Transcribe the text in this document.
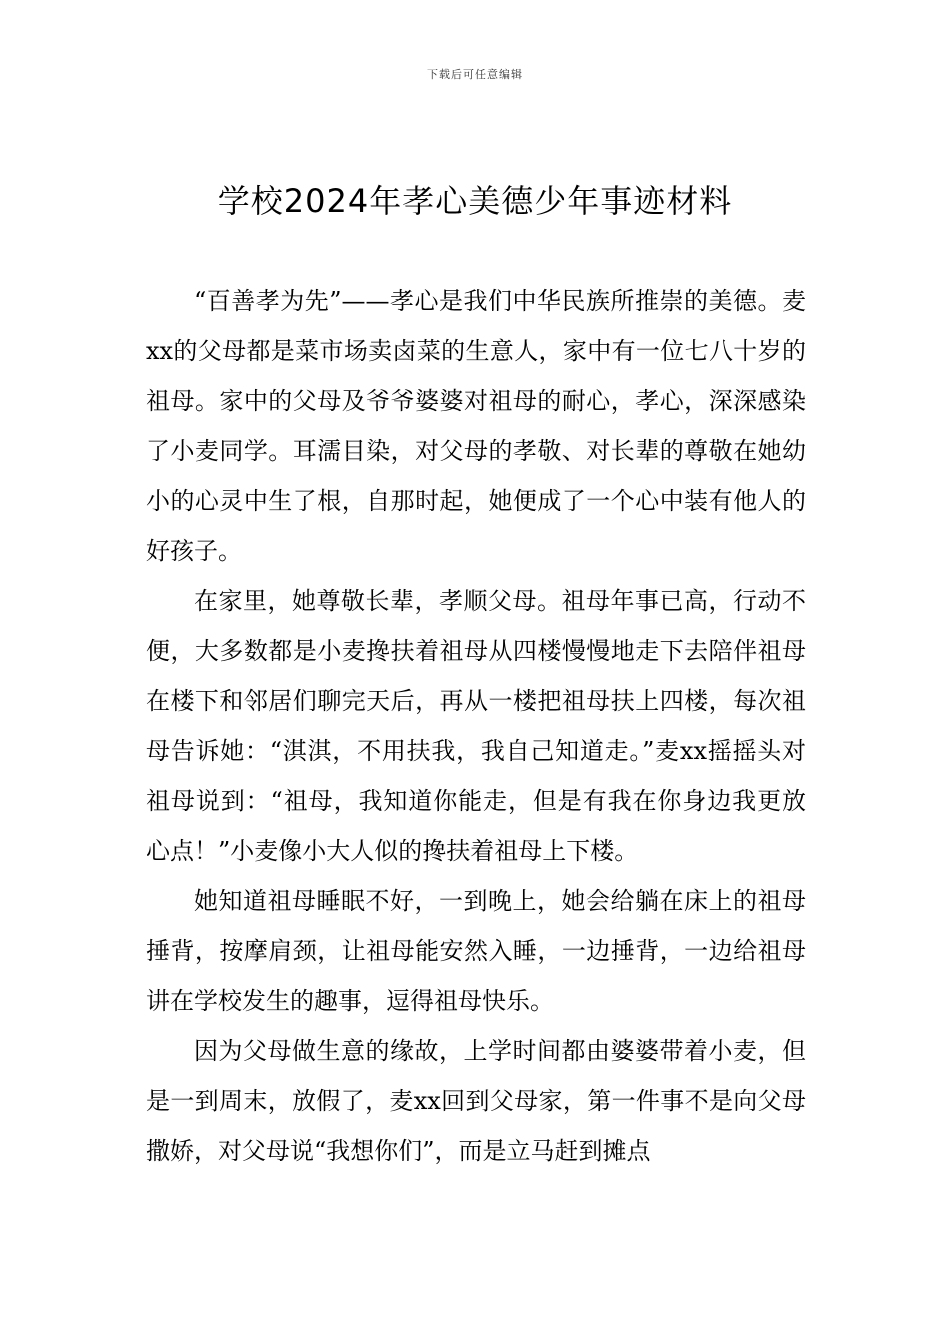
下载后可任意编辑
学校2024年孝心美德少年事迹材料

“百善孝为先”——孝心是我们中华民族所推崇的美德。麦xx的父母都是菜市场卖卤菜的生意人，家中有一位七八十岁的祖母。家中的父母及爷爷婆婆对祖母的耐心，孝心，深深感染了小麦同学。耳濡目染，对父母的孝敬、对长辈的尊敬在她幼小的心灵中生了根，自那时起，她便成了一个心中装有他人的好孩子。

在家里，她尊敬长辈，孝顺父母。祖母年事已高，行动不便，大多数都是小麦搀扶着祖母从四楼慢慢地走下去陪伴祖母在楼下和邻居们聊完天后，再从一楼把祖母扶上四楼，每次祖母告诉她：“淇淇，不用扶我，我自己知道走。”麦xx摇摇头对祖母说到：“祖母，我知道你能走，但是有我在你身边我更放心点！”小麦像小大人似的搀扶着祖母上下楼。

她知道祖母睡眠不好，一到晚上，她会给躺在床上的祖母捶背，按摩肩颈，让祖母能安然入睡，一边捶背，一边给祖母讲在学校发生的趣事，逗得祖母快乐。

因为父母做生意的缘故，上学时间都由婆婆带着小麦，但是一到周末，放假了，麦xx回到父母家，第一件事不是向父母撒娇，对父母说“我想你们”，而是立马赶到摊点
